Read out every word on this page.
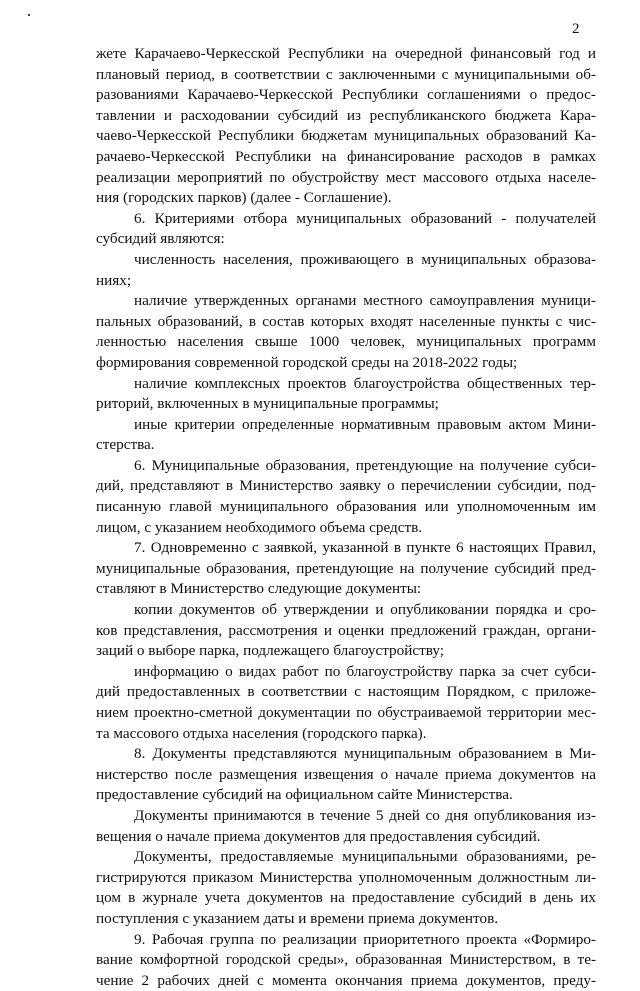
2
жете Карачаево-Черкесской Республики на очередной финансовый год и
плановый период, в соответствии с заключенными с муниципальными об-
разованиями Карачаево-Черкесской Республики соглашениями о предос-
тавлении и расходовании субсидий из республиканского бюджета Кара-
чаево-Черкесской Республики бюджетам муниципальных образований Ка-
рачаево-Черкесской Республики на финансирование расходов в рамках
реализации мероприятий по обустройству мест массового отдыха населе-
ния (городских парков) (далее - Соглашение).
6. Критериями отбора муниципальных образований - получателей
субсидий являются:
численность населения, проживающего в муниципальных образова-
ниях;
наличие утвержденных органами местного самоуправления муници-
пальных образований, в состав которых входят населенные пункты с чис-
ленностью населения свыше 1000 человек, муниципальных программ
формирования современной городской среды на 2018-2022 годы;
наличие комплексных проектов благоустройства общественных тер-
риторий, включенных в муниципальные программы;
иные критерии определенные нормативным правовым актом Мини-
стерства.
6. Муниципальные образования, претендующие на получение субси-
дий, представляют в Министерство заявку о перечислении субсидии, под-
писанную главой муниципального образования или уполномоченным им
лицом, с указанием необходимого объема средств.
7. Одновременно с заявкой, указанной в пункте 6 настоящих Правил,
муниципальные образования, претендующие на получение субсидий пред-
ставляют в Министерство следующие документы:
копии документов об утверждении и опубликовании порядка и сро-
ков представления, рассмотрения и оценки предложений граждан, органи-
заций о выборе парка, подлежащего благоустройству;
информацию о видах работ по благоустройству парка за счет субси-
дий предоставленных в соответствии с настоящим Порядком, с приложе-
нием проектно-сметной документации по обустраиваемой территории мес-
та массового отдыха населения (городского парка).
8. Документы представляются муниципальным образованием в Ми-
нистерство после размещения извещения о начале приема документов на
предоставление субсидий на официальном сайте Министерства.
Документы принимаются в течение 5 дней со дня опубликования из-
вещения о начале приема документов для предоставления субсидий.
Документы, предоставляемые муниципальными образованиями, ре-
гистрируются приказом Министерства уполномоченным должностным ли-
цом в журнале учета документов на предоставление субсидий в день их
поступления с указанием даты и времени приема документов.
9. Рабочая группа по реализации приоритетного проекта «Формиро-
вание комфортной городской среды», образованная Министерством, в те-
чение 2 рабочих дней с момента окончания приема документов, преду-
